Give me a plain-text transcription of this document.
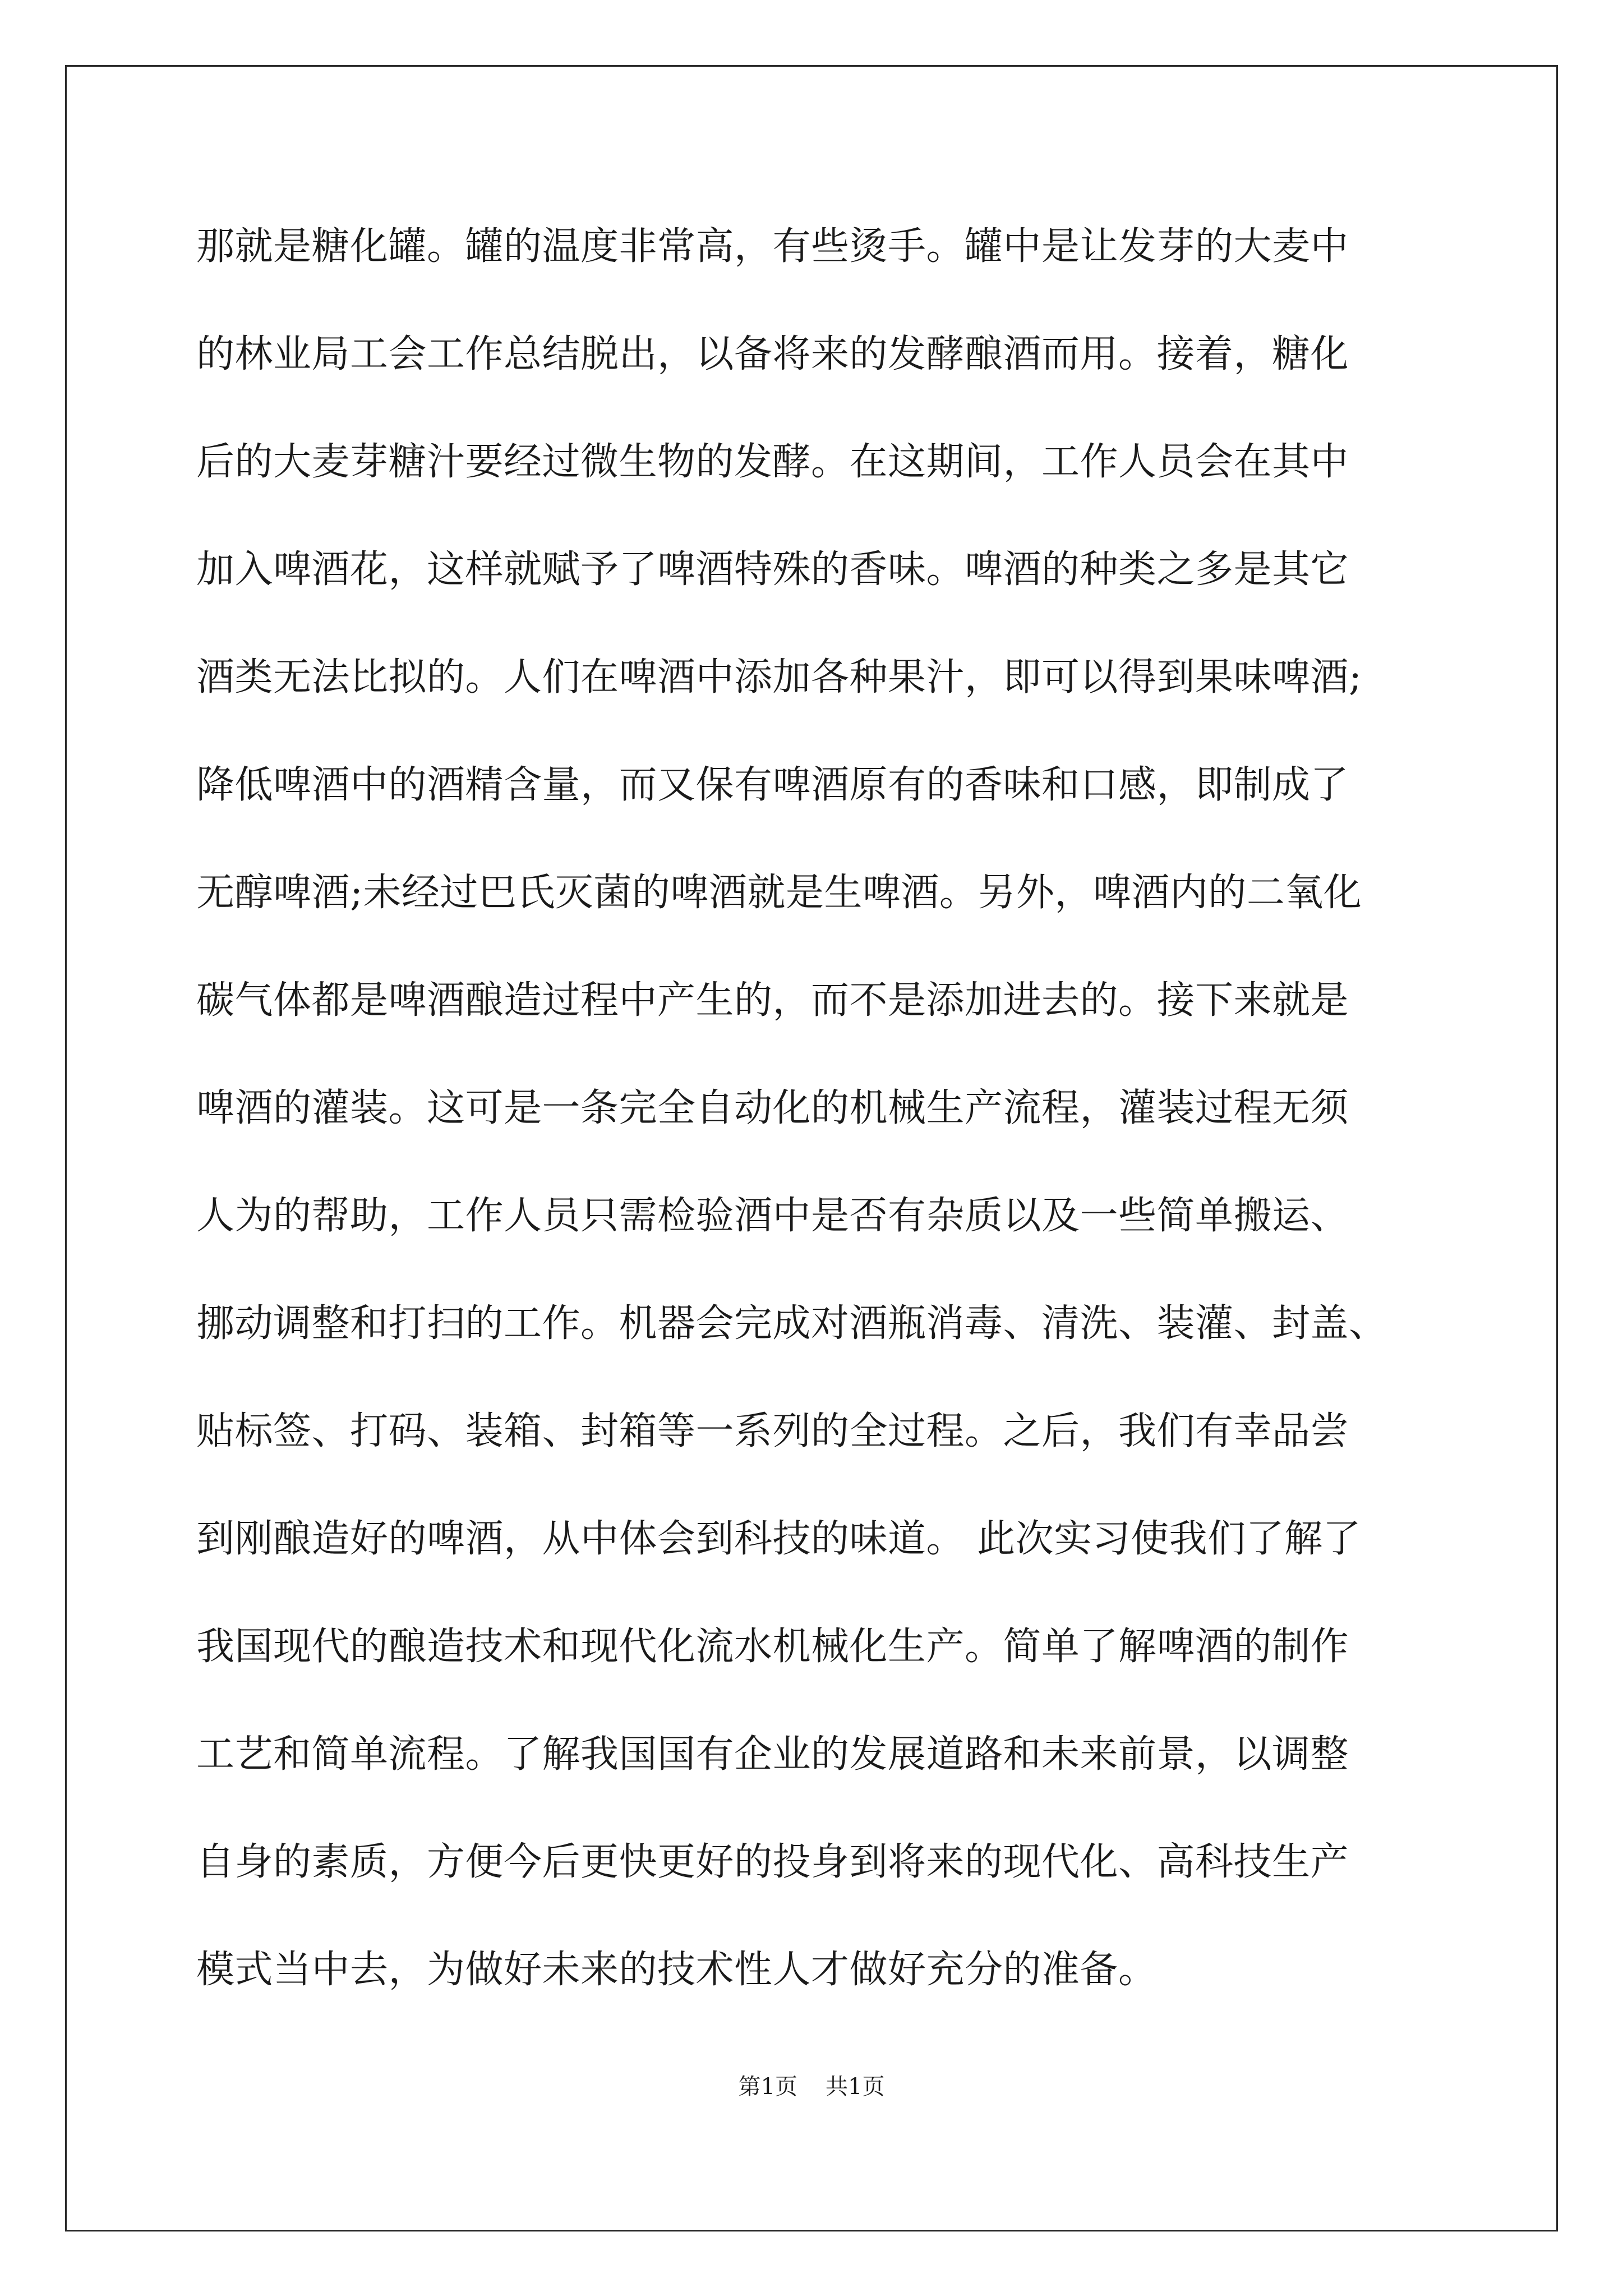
那就是糖化罐。罐的温度非常高，有些烫手。罐中是让发芽的大麦中
的林业局工会工作总结脱出，以备将来的发酵酿酒而用。接着，糖化
后的大麦芽糖汁要经过微生物的发酵。在这期间，工作人员会在其中
加入啤酒花，这样就赋予了啤酒特殊的香味。啤酒的种类之多是其它
酒类无法比拟的。人们在啤酒中添加各种果汁，即可以得到果味啤酒;
降低啤酒中的酒精含量，而又保有啤酒原有的香味和口感，即制成了
无醇啤酒;未经过巴氏灭菌的啤酒就是生啤酒。另外，啤酒内的二氧化
碳气体都是啤酒酿造过程中产生的，而不是添加进去的。接下来就是
啤酒的灌装。这可是一条完全自动化的机械生产流程，灌装过程无须
人为的帮助，工作人员只需检验酒中是否有杂质以及一些简单搬运、
挪动调整和打扫的工作。机器会完成对酒瓶消毒、清洗、装灌、封盖、
贴标签、打码、装箱、封箱等一系列的全过程。之后，我们有幸品尝
到刚酿造好的啤酒，从中体会到科技的味道。 此次实习使我们了解了
我国现代的酿造技术和现代化流水机械化生产。简单了解啤酒的制作
工艺和简单流程。了解我国国有企业的发展道路和未来前景，以调整
自身的素质，方便今后更快更好的投身到将来的现代化、高科技生产
模式当中去，为做好未来的技术性人才做好充分的准备。
第1页 共1页
